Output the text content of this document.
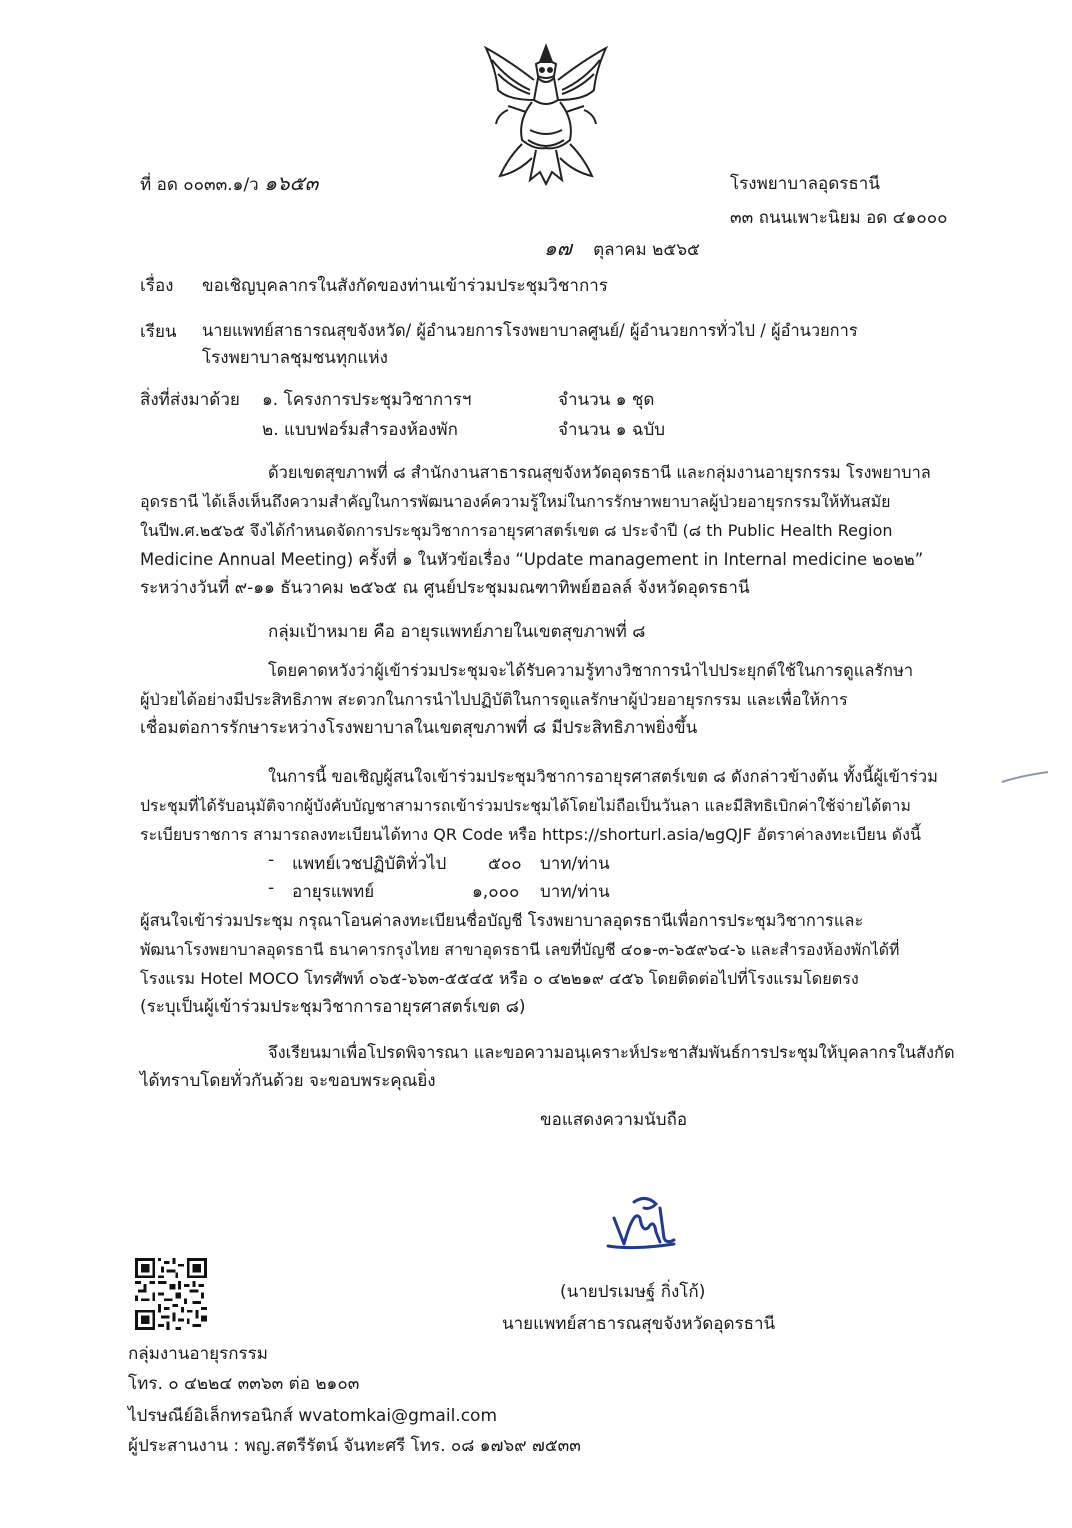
ที่ อด ๐๐๓๓.๑/ว ๑๖๕๓	โรงพยาบาลอุดรธานี
๓๓ ถนนเพาะนิยม อด ๔๑๐๐๐
๑๗ ตุลาคม ๒๕๖๕
เรื่อง ขอเชิญบุคลากรในสังกัดของท่านเข้าร่วมประชุมวิชาการ
เรียน นายแพทย์สาธารณสุขจังหวัด/ ผู้อำนวยการโรงพยาบาลศูนย์/ ผู้อำนวยการทั่วไป / ผู้อำนวยการ
โรงพยาบาลชุมชนทุกแห่ง
สิ่งที่ส่งมาด้วย ๑. โครงการประชุมวิชาการฯ	จำนวน ๑ ชุด
๒. แบบฟอร์มสำรองห้องพัก	จำนวน ๑ ฉบับ
ด้วยเขตสุขภาพที่ ๘ สำนักงานสาธารณสุขจังหวัดอุดรธานี และกลุ่มงานอายุรกรรม โรงพยาบาล
อุดรธานี ได้เล็งเห็นถึงความสำคัญในการพัฒนาองค์ความรู้ใหม่ในการรักษาพยาบาลผู้ป่วยอายุรกรรมให้ทันสมัย
ในปีพ.ศ.๒๕๖๕ จึงได้กำหนดจัดการประชุมวิชาการอายุรศาสตร์เขต ๘ ประจำปี (๘ th Public Health Region
Medicine Annual Meeting) ครั้งที่ ๑ ในหัวข้อเรื่อง “Update management in Internal medicine ๒๐๒๒”
ระหว่างวันที่ ๙-๑๑ ธันวาคม ๒๕๖๕ ณ ศูนย์ประชุมมณฑาทิพย์ฮอลล์ จังหวัดอุดรธานี
กลุ่มเป้าหมาย คือ อายุรแพทย์ภายในเขตสุขภาพที่ ๘
โดยคาดหวังว่าผู้เข้าร่วมประชุมจะได้รับความรู้ทางวิชาการนำไปประยุกต์ใช้ในการดูแลรักษา
ผู้ป่วยได้อย่างมีประสิทธิภาพ สะดวกในการนำไปปฏิบัติในการดูแลรักษาผู้ป่วยอายุรกรรม และเพื่อให้การ
เชื่อมต่อการรักษาระหว่างโรงพยาบาลในเขตสุขภาพที่ ๘ มีประสิทธิภาพยิ่งขึ้น
ในการนี้ ขอเชิญผู้สนใจเข้าร่วมประชุมวิชาการอายุรศาสตร์เขต ๘ ดังกล่าวข้างต้น ทั้งนี้ผู้เข้าร่วม
ประชุมที่ได้รับอนุมัติจากผู้บังคับบัญชาสามารถเข้าร่วมประชุมได้โดยไม่ถือเป็นวันลา และมีสิทธิเบิกค่าใช้จ่ายได้ตาม
ระเบียบราชการ สามารถลงทะเบียนได้ทาง QR Code หรือ https://shorturl.asia/๒gQJF อัตราค่าลงทะเบียน ดังนี้
- แพทย์เวชปฏิบัติทั่วไป ๕๐๐ บาท/ท่าน
- อายุรแพทย์	๑,๐๐๐ บาท/ท่าน
ผู้สนใจเข้าร่วมประชุม กรุณาโอนค่าลงทะเบียนชื่อบัญชี โรงพยาบาลอุดรธานีเพื่อการประชุมวิชาการและ
พัฒนาโรงพยาบาลอุดรธานี ธนาคารกรุงไทย สาขาอุดรธานี เลขที่บัญชี ๔๐๑-๓-๖๕๙๖๔-๖ และสำรองห้องพักได้ที่
โรงแรม Hotel MOCO โทรศัพท์ ๐๖๕-๖๖๓-๕๕๔๕ หรือ ๐ ๔๒๒๑๙ ๔๕๖ โดยติดต่อไปที่โรงแรมโดยตรง
(ระบุเป็นผู้เข้าร่วมประชุมวิชาการอายุรศาสตร์เขต ๘)
จึงเรียนมาเพื่อโปรดพิจารณา และขอความอนุเคราะห์ประชาสัมพันธ์การประชุมให้บุคลากรในสังกัด
ได้ทราบโดยทั่วกันด้วย จะขอบพระคุณยิ่ง
ขอแสดงความนับถือ
(นายปรเมษฐ์ กิ่งโก้)
นายแพทย์สาธารณสุขจังหวัดอุดรธานี
กลุ่มงานอายุรกรรม
โทร. ๐ ๔๒๒๔ ๓๓๖๓ ต่อ ๒๑๐๓
ไปรษณีย์อิเล็กทรอนิกส์ wvatomkai@gmail.com
ผู้ประสานงาน : พญ.สตรีรัตน์ จันทะศรี โทร. ๐๘ ๑๗๖๙ ๗๕๓๓
